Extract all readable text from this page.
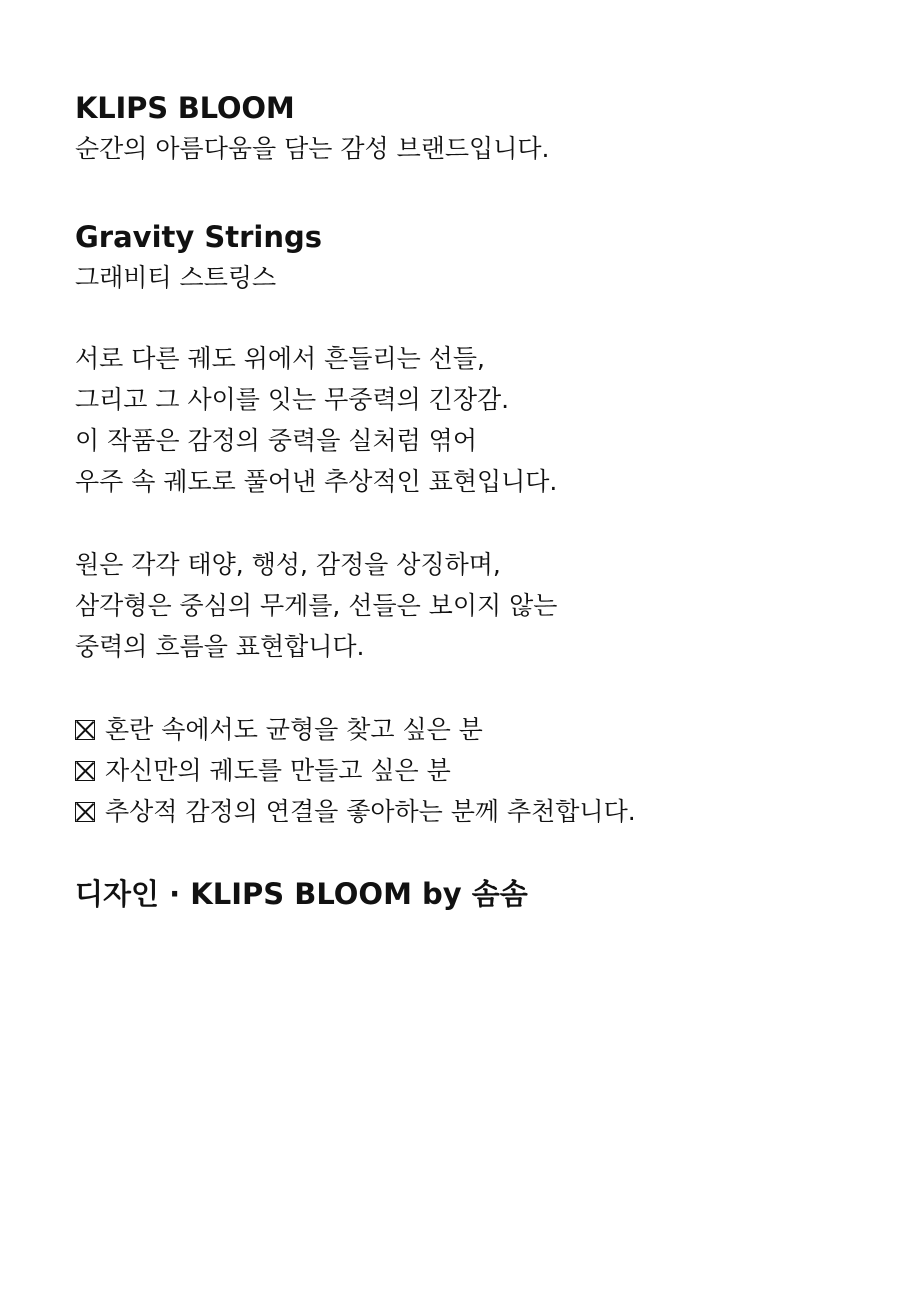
KLIPS BLOOM

순간의 아름다움을 담는 감성 브랜드입니다.

Gravity Strings

그래비티 스트링스

서로 다른 궤도 위에서 흔들리는 선들,

그리고 그 사이를 잇는 무중력의 긴장감.

이 작품은 감정의 중력을 실처럼 엮어

우주 속 궤도로 풀어낸 추상적인 표현입니다.

원은 각각 태양, 행성, 감정을 상징하며,

삼각형은 중심의 무게를, 선들은 보이지 않는

중력의 흐름을 표현합니다.

혼란 속에서도 균형을 찾고 싶은 분

자신만의 궤도를 만들고 싶은 분

추상적 감정의 연결을 좋아하는 분께 추천합니다.

디자인 · KLIPS BLOOM by 솜솜
